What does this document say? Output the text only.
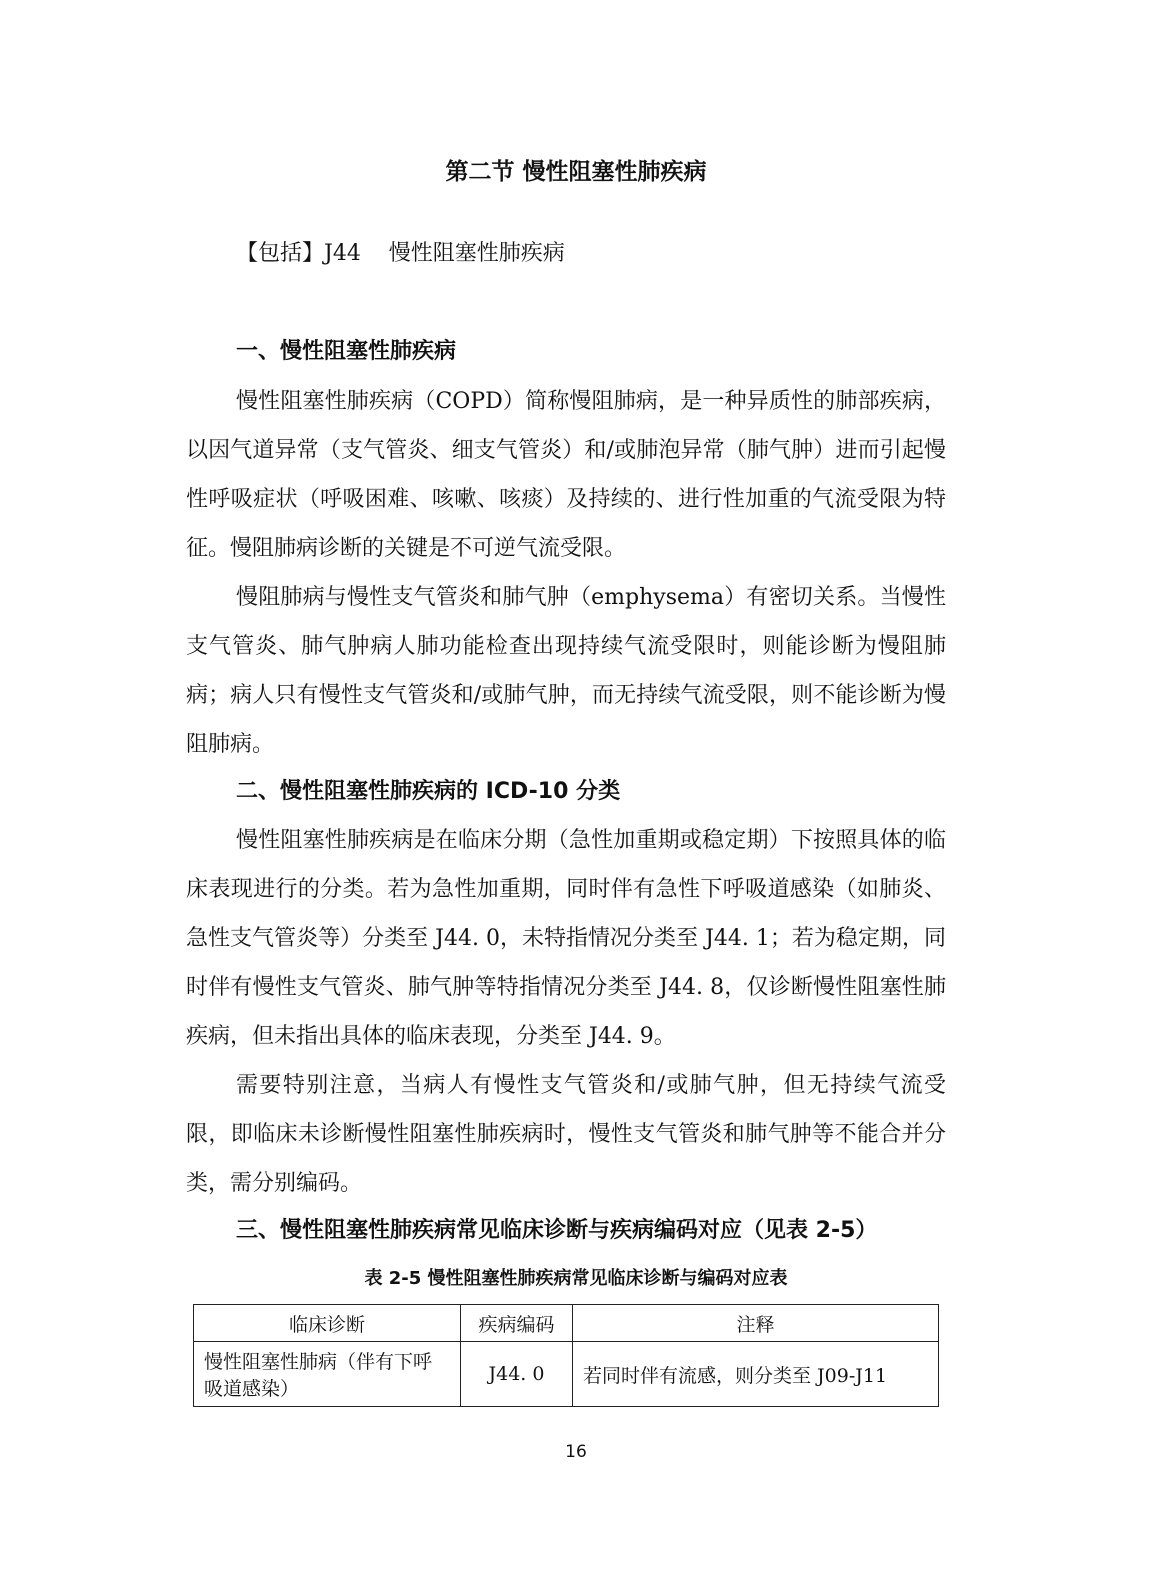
第二节 慢性阻塞性肺疾病
【包括】J44    慢性阻塞性肺疾病
一、慢性阻塞性肺疾病
慢性阻塞性肺疾病（COPD）简称慢阻肺病，是一种异质性的肺部疾病，以因气道异常（支气管炎、细支气管炎）和/或肺泡异常（肺气肿）进而引起慢性呼吸症状（呼吸困难、咳嗽、咳痰）及持续的、进行性加重的气流受限为特征。慢阻肺病诊断的关键是不可逆气流受限。
慢阻肺病与慢性支气管炎和肺气肿（emphysema）有密切关系。当慢性支气管炎、肺气肿病人肺功能检查出现持续气流受限时，则能诊断为慢阻肺病；病人只有慢性支气管炎和/或肺气肿，而无持续气流受限，则不能诊断为慢阻肺病。
二、慢性阻塞性肺疾病的 ICD-10 分类
慢性阻塞性肺疾病是在临床分期（急性加重期或稳定期）下按照具体的临床表现进行的分类。若为急性加重期，同时伴有急性下呼吸道感染（如肺炎、急性支气管炎等）分类至 J44. 0，未特指情况分类至 J44. 1；若为稳定期，同时伴有慢性支气管炎、肺气肿等特指情况分类至 J44. 8，仅诊断慢性阻塞性肺疾病，但未指出具体的临床表现，分类至 J44. 9。
需要特别注意，当病人有慢性支气管炎和/或肺气肿，但无持续气流受限，即临床未诊断慢性阻塞性肺疾病时，慢性支气管炎和肺气肿等不能合并分类，需分别编码。
三、慢性阻塞性肺疾病常见临床诊断与疾病编码对应（见表 2-5）
表 2-5 慢性阻塞性肺疾病常见临床诊断与编码对应表
临床诊断	疾病编码	注释
慢性阻塞性肺病（伴有下呼吸道感染）	J44. 0	若同时伴有流感，则分类至 J09-J11
16
